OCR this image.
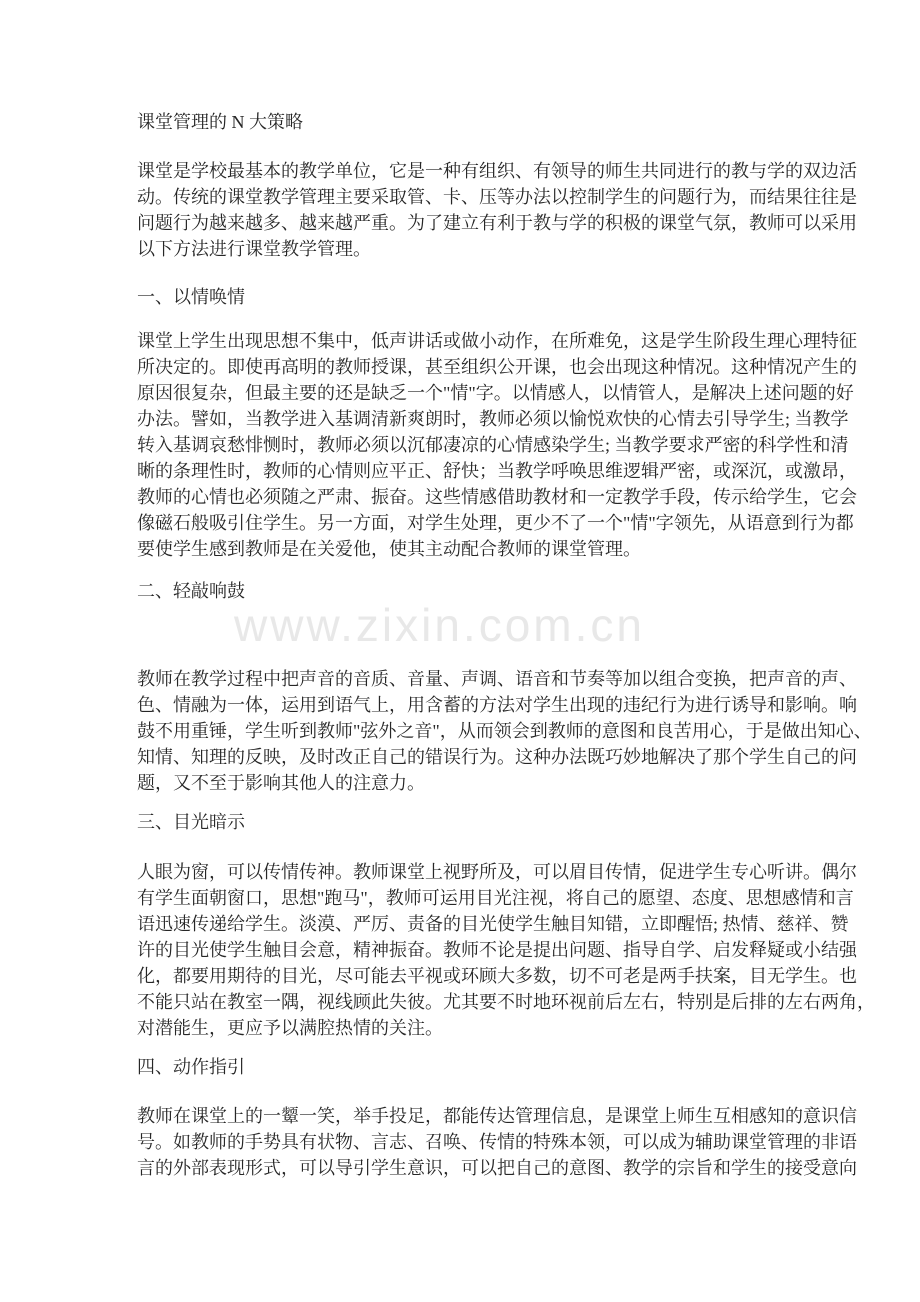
www.zixin.com.cn
课堂管理的 N 大策略
课堂是学校最基本的教学单位，它是一种有组织、有领导的师生共同进行的教与学的双边活
动。传统的课堂教学管理主要采取管、卡、压等办法以控制学生的问题行为，而结果往往是
问题行为越来越多、越来越严重。为了建立有利于教与学的积极的课堂气氛，教师可以采用
以下方法进行课堂教学管理。
一、以情唤情
课堂上学生出现思想不集中，低声讲话或做小动作，在所难免，这是学生阶段生理心理特征
所决定的。即使再高明的教师授课，甚至组织公开课，也会出现这种情况。这种情况产生的
原因很复杂，但最主要的还是缺乏一个"情"字。以情感人，以情管人，是解决上述问题的好
办法。譬如，当教学进入基调清新爽朗时，教师必须以愉悦欢快的心情去引导学生; 当教学
转入基调哀愁悱恻时，教师必须以沉郁凄凉的心情感染学生; 当教学要求严密的科学性和清
晰的条理性时，教师的心情则应平正、舒快；当教学呼唤思维逻辑严密，或深沉，或激昂，
教师的心情也必须随之严肃、振奋。这些情感借助教材和一定教学手段，传示给学生，它会
像磁石般吸引住学生。另一方面，对学生处理，更少不了一个"情"字领先，从语意到行为都
要使学生感到教师是在关爱他，使其主动配合教师的课堂管理。
二、轻敲响鼓
教师在教学过程中把声音的音质、音量、声调、语音和节奏等加以组合变换，把声音的声、
色、情融为一体，运用到语气上，用含蓄的方法对学生出现的违纪行为进行诱导和影响。响
鼓不用重锤，学生听到教师"弦外之音"，从而领会到教师的意图和良苦用心，于是做出知心、
知情、知理的反映，及时改正自己的错误行为。这种办法既巧妙地解决了那个学生自己的问
题，又不至于影响其他人的注意力。
三、目光暗示
人眼为窗，可以传情传神。教师课堂上视野所及，可以眉目传情，促进学生专心听讲。偶尔
有学生面朝窗口，思想"跑马"，教师可运用目光注视，将自己的愿望、态度、思想感情和言
语迅速传递给学生。淡漠、严厉、责备的目光使学生触目知错，立即醒悟; 热情、慈祥、赞
许的目光使学生触目会意，精神振奋。教师不论是提出问题、指导自学、启发释疑或小结强
化，都要用期待的目光，尽可能去平视或环顾大多数，切不可老是两手扶案，目无学生。也
不能只站在教室一隅，视线顾此失彼。尤其要不时地环视前后左右，特别是后排的左右两角，
对潜能生，更应予以满腔热情的关注。
四、动作指引
教师在课堂上的一颦一笑，举手投足，都能传达管理信息，是课堂上师生互相感知的意识信
号。如教师的手势具有状物、言志、召唤、传情的特殊本领，可以成为辅助课堂管理的非语
言的外部表现形式，可以导引学生意识，可以把自己的意图、教学的宗旨和学生的接受意向
